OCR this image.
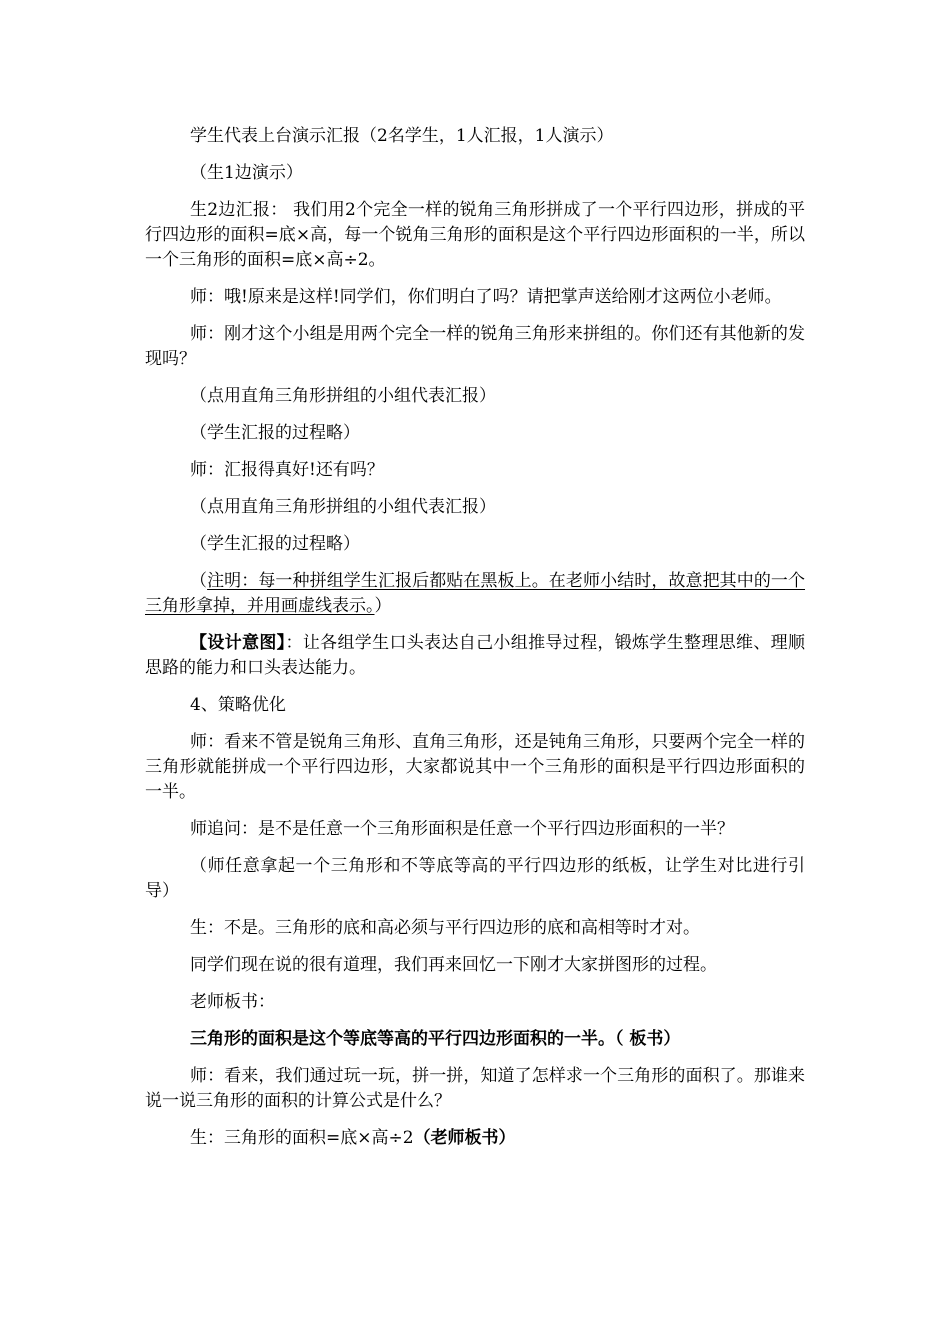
学生代表上台演示汇报（2名学生，1人汇报，1人演示）

（生1边演示）

生2边汇报： 我们用2个完全一样的锐角三角形拼成了一个平行四边形，拼成的平行四边形的面积=底×高，每一个锐角三角形的面积是这个平行四边形面积的一半，所以一个三角形的面积=底×高÷2。

师：哦!原来是这样!同学们，你们明白了吗？请把掌声送给刚才这两位小老师。

师：刚才这个小组是用两个完全一样的锐角三角形来拼组的。你们还有其他新的发现吗？

（点用直角三角形拼组的小组代表汇报）

（学生汇报的过程略）

师：汇报得真好!还有吗？

（点用直角三角形拼组的小组代表汇报）

（学生汇报的过程略）

（注明：每一种拼组学生汇报后都贴在黑板上。在老师小结时，故意把其中的一个三角形拿掉，并用画虚线表示。）

【设计意图】：让各组学生口头表达自己小组推导过程，锻炼学生整理思维、理顺思路的能力和口头表达能力。

4、策略优化

师：看来不管是锐角三角形、直角三角形，还是钝角三角形，只要两个完全一样的三角形就能拼成一个平行四边形，大家都说其中一个三角形的面积是平行四边形面积的一半。

师追问：是不是任意一个三角形面积是任意一个平行四边形面积的一半？

（师任意拿起一个三角形和不等底等高的平行四边形的纸板，让学生对比进行引导）

生：不是。三角形的底和高必须与平行四边形的底和高相等时才对。

同学们现在说的很有道理，我们再来回忆一下刚才大家拼图形的过程。

老师板书：

三角形的面积是这个等底等高的平行四边形面积的一半。（ 板书）

师：看来，我们通过玩一玩，拼一拼，知道了怎样求一个三角形的面积了。那谁来说一说三角形的面积的计算公式是什么？

生：三角形的面积=底×高÷2（老师板书）
